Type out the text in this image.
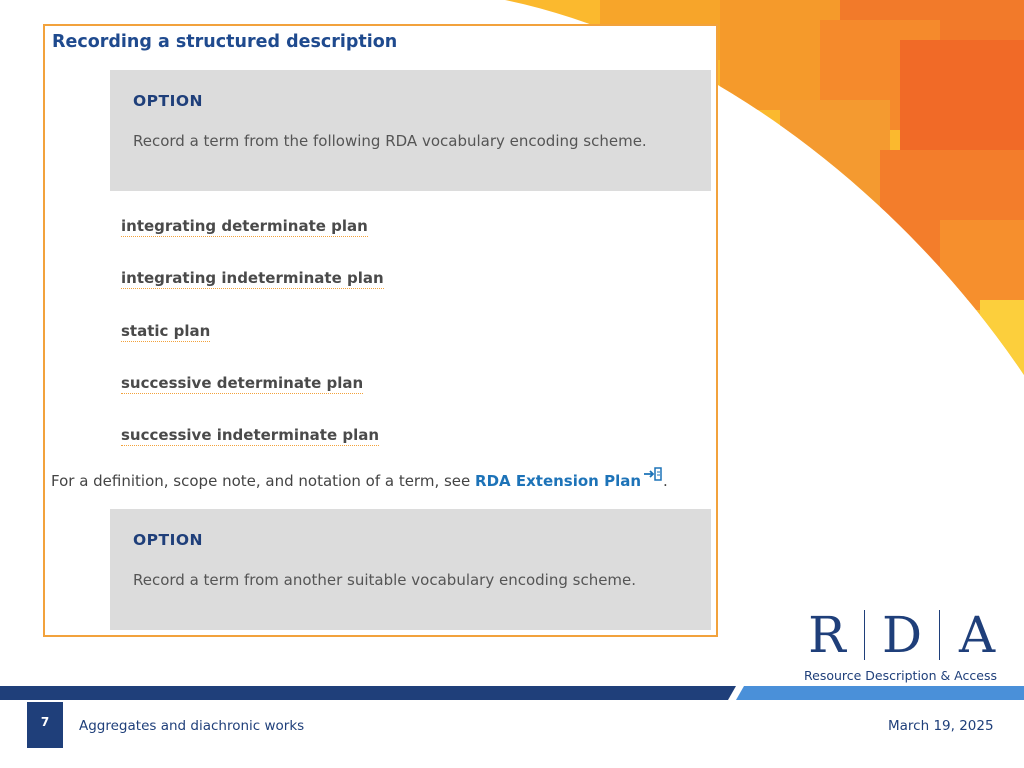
Recording a structured description
OPTION
Record a term from the following RDA vocabulary encoding scheme.
integrating determinate plan
integrating indeterminate plan
static plan
successive determinate plan
successive indeterminate plan
For a definition, scope note, and notation of a term, see RDA Extension Plan .
OPTION
Record a term from another suitable vocabulary encoding scheme.
R D A
Resource Description & Access
7	Aggregates and diachronic works	March 19, 2025
